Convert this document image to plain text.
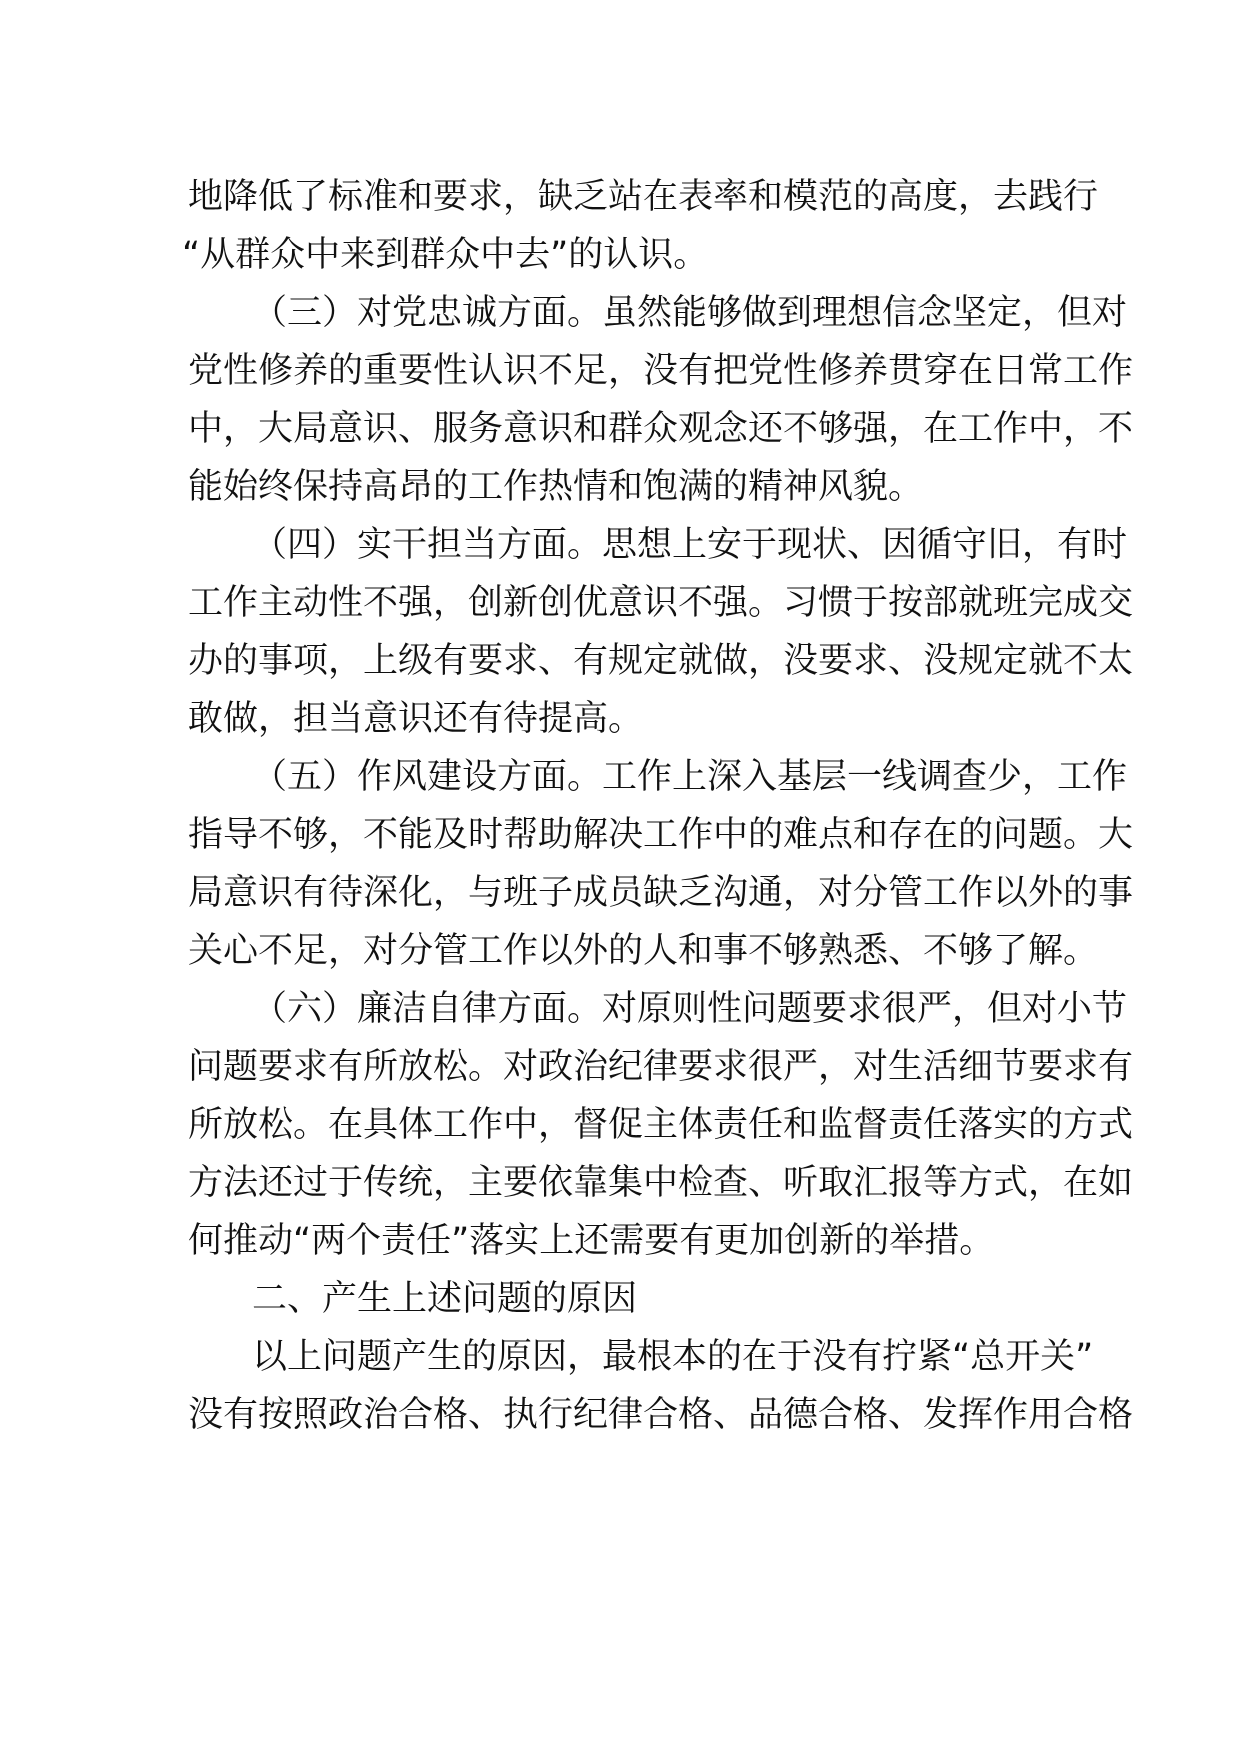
地降低了标准和要求，缺乏站在表率和模范的高度，去践行
“从群众中来到群众中去”的认识。
（三）对党忠诚方面。虽然能够做到理想信念坚定，但对
党性修养的重要性认识不足，没有把党性修养贯穿在日常工作
中，大局意识、服务意识和群众观念还不够强，在工作中，不
能始终保持高昂的工作热情和饱满的精神风貌。
（四）实干担当方面。思想上安于现状、因循守旧，有时
工作主动性不强，创新创优意识不强。习惯于按部就班完成交
办的事项，上级有要求、有规定就做，没要求、没规定就不太
敢做，担当意识还有待提高。
（五）作风建设方面。工作上深入基层一线调查少，工作
指导不够，不能及时帮助解决工作中的难点和存在的问题。大
局意识有待深化，与班子成员缺乏沟通，对分管工作以外的事
关心不足，对分管工作以外的人和事不够熟悉、不够了解。
（六）廉洁自律方面。对原则性问题要求很严，但对小节
问题要求有所放松。对政治纪律要求很严，对生活细节要求有
所放松。在具体工作中，督促主体责任和监督责任落实的方式
方法还过于传统，主要依靠集中检查、听取汇报等方式，在如
何推动“两个责任”落实上还需要有更加创新的举措。
二、产生上述问题的原因
以上问题产生的原因，最根本的在于没有拧紧“总开关”
没有按照政治合格、执行纪律合格、品德合格、发挥作用合格
